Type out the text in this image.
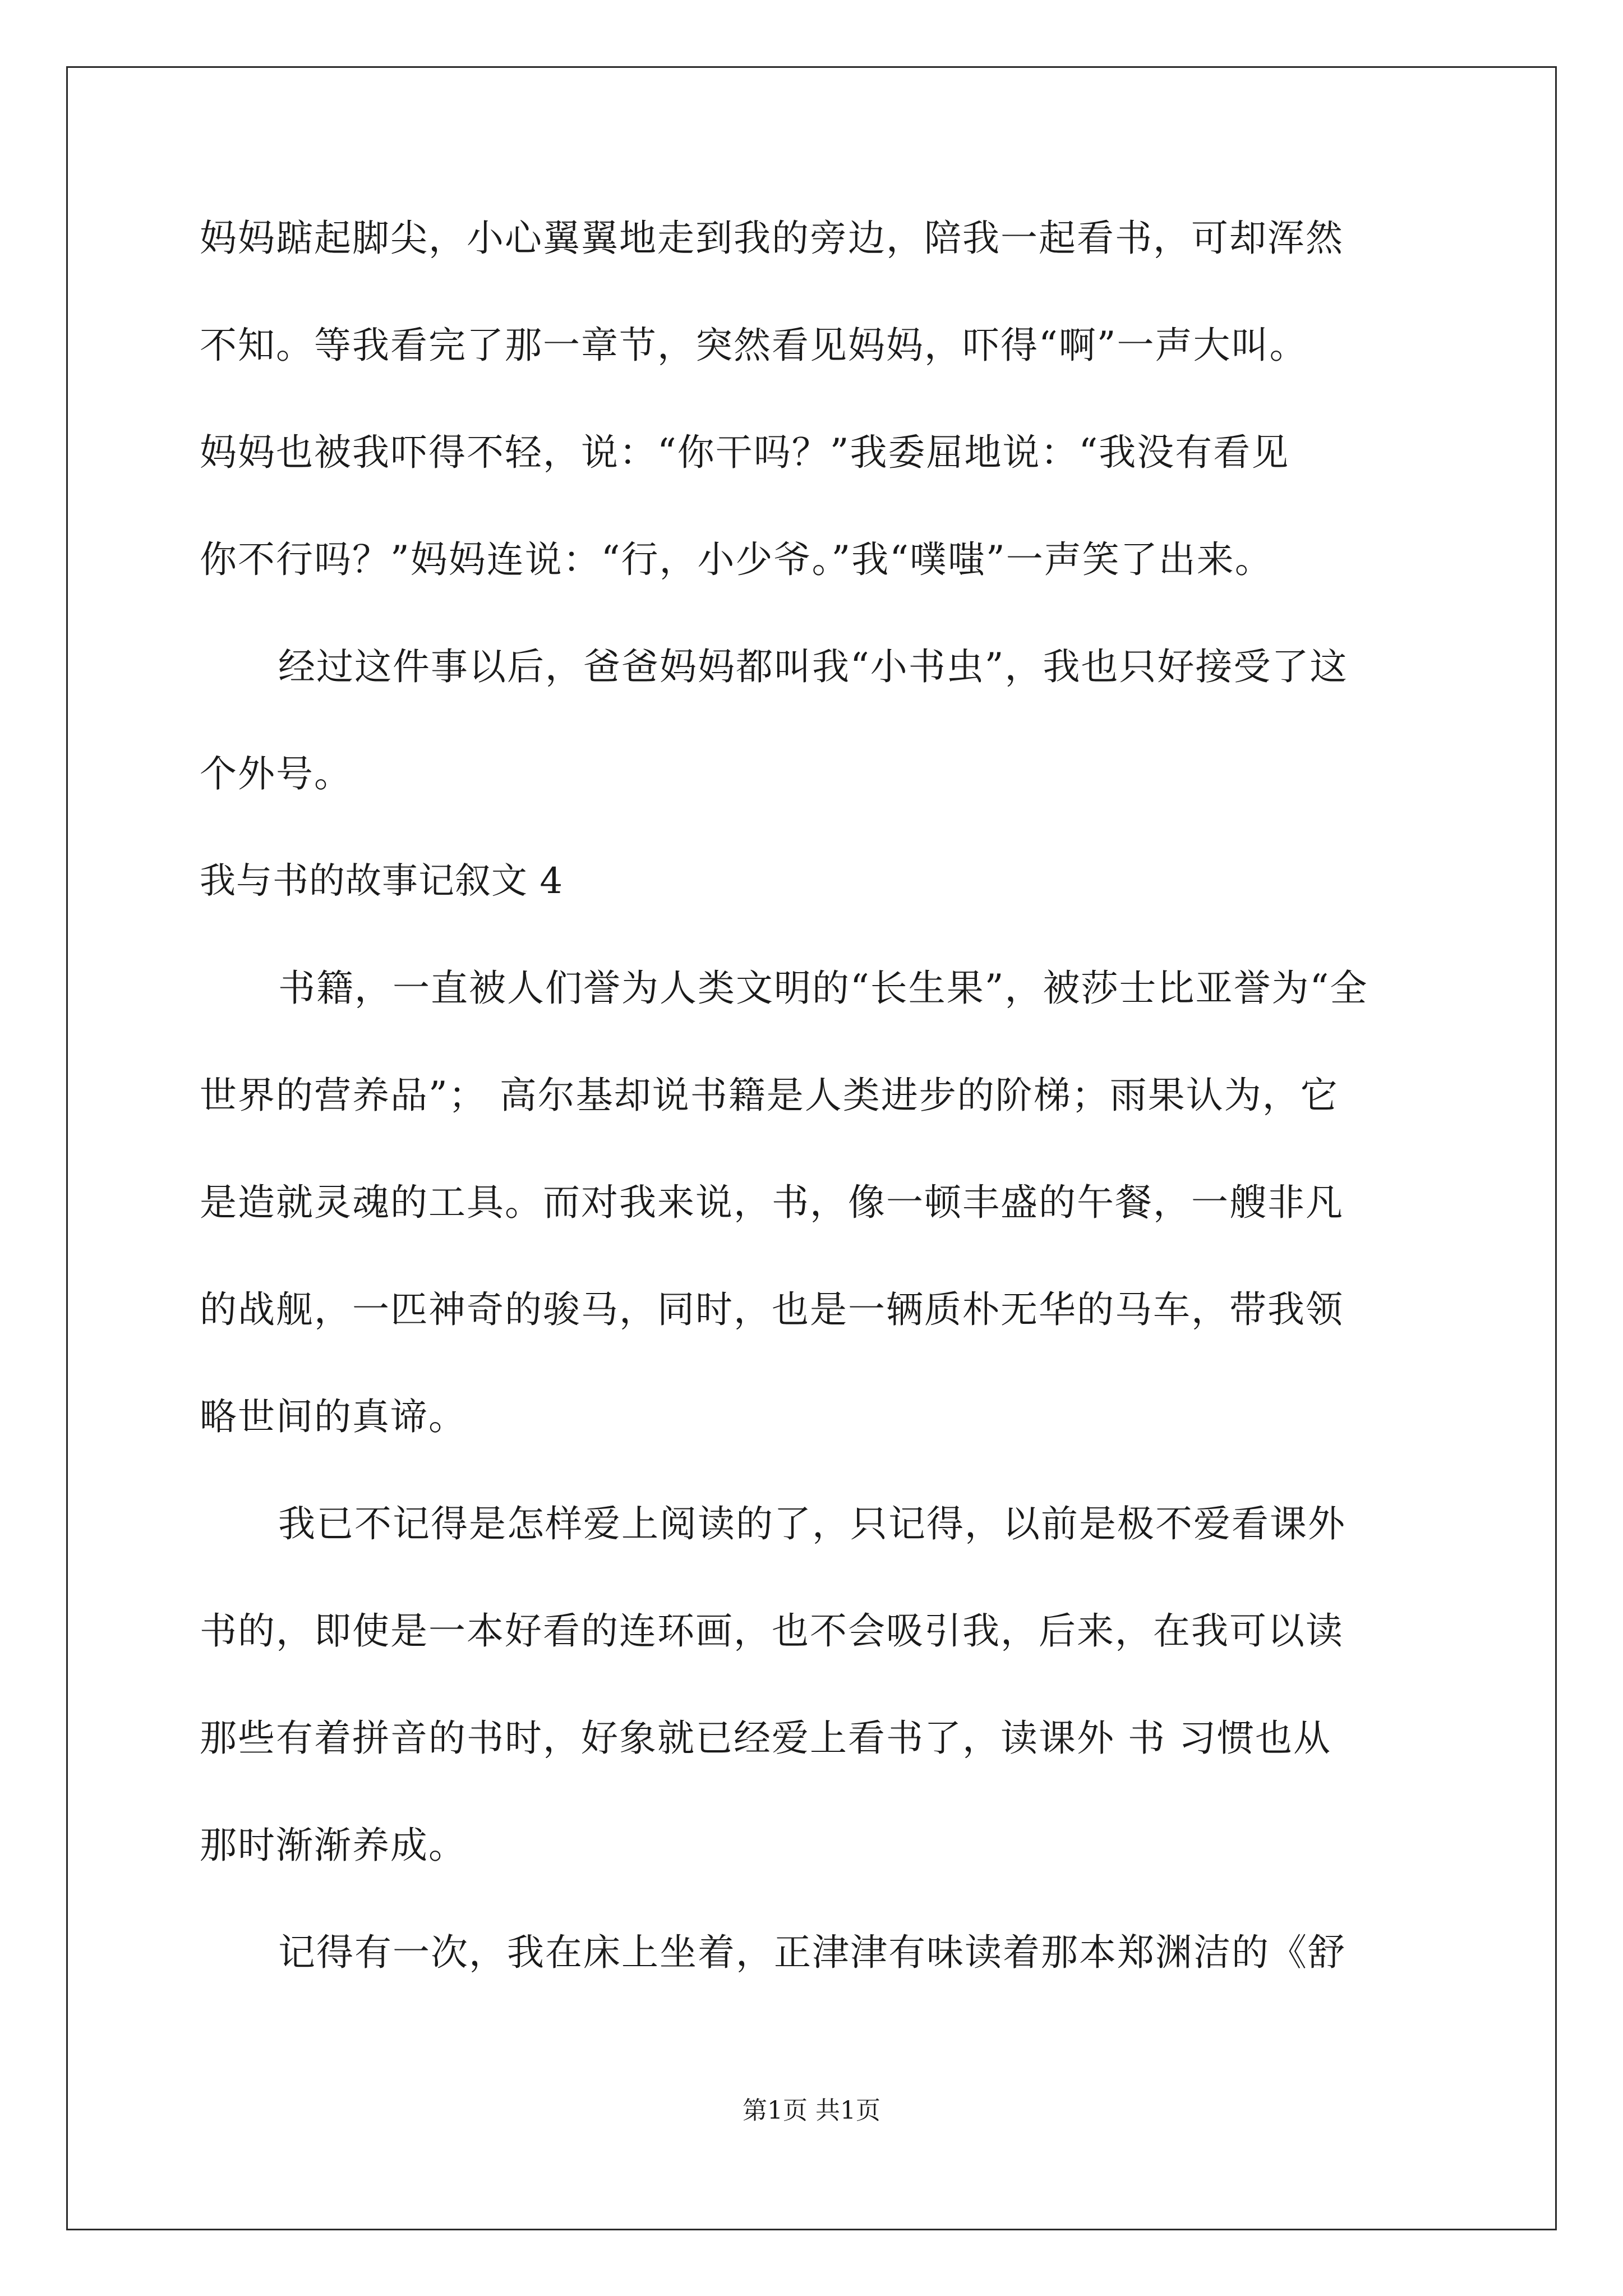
妈妈踮起脚尖，小心翼翼地走到我的旁边，陪我一起看书，可却浑然
不知。等我看完了那一章节，突然看见妈妈，吓得“啊”一声大叫。
妈妈也被我吓得不轻，说：“你干吗？”我委屈地说：“我没有看见
你不行吗？”妈妈连说：“行，小少爷。”我“噗嗤”一声笑了出来。
经过这件事以后，爸爸妈妈都叫我“小书虫”，我也只好接受了这
个外号。
我与书的故事记叙文 4
书籍，一直被人们誉为人类文明的“长生果”，被莎士比亚誉为“全
世界的营养品”； 高尔基却说书籍是人类进步的阶梯；雨果认为，它
是造就灵魂的工具。而对我来说，书，像一顿丰盛的午餐，一艘非凡
的战舰，一匹神奇的骏马，同时，也是一辆质朴无华的马车，带我领
略世间的真谛。
我已不记得是怎样爱上阅读的了，只记得，以前是极不爱看课外
书的，即使是一本好看的连环画，也不会吸引我，后来，在我可以读
那些有着拼音的书时，好象就已经爱上看书了，读课外 书 习惯也从
那时渐渐养成。
记得有一次，我在床上坐着，正津津有味读着那本郑渊洁的《舒
第1页 共1页
